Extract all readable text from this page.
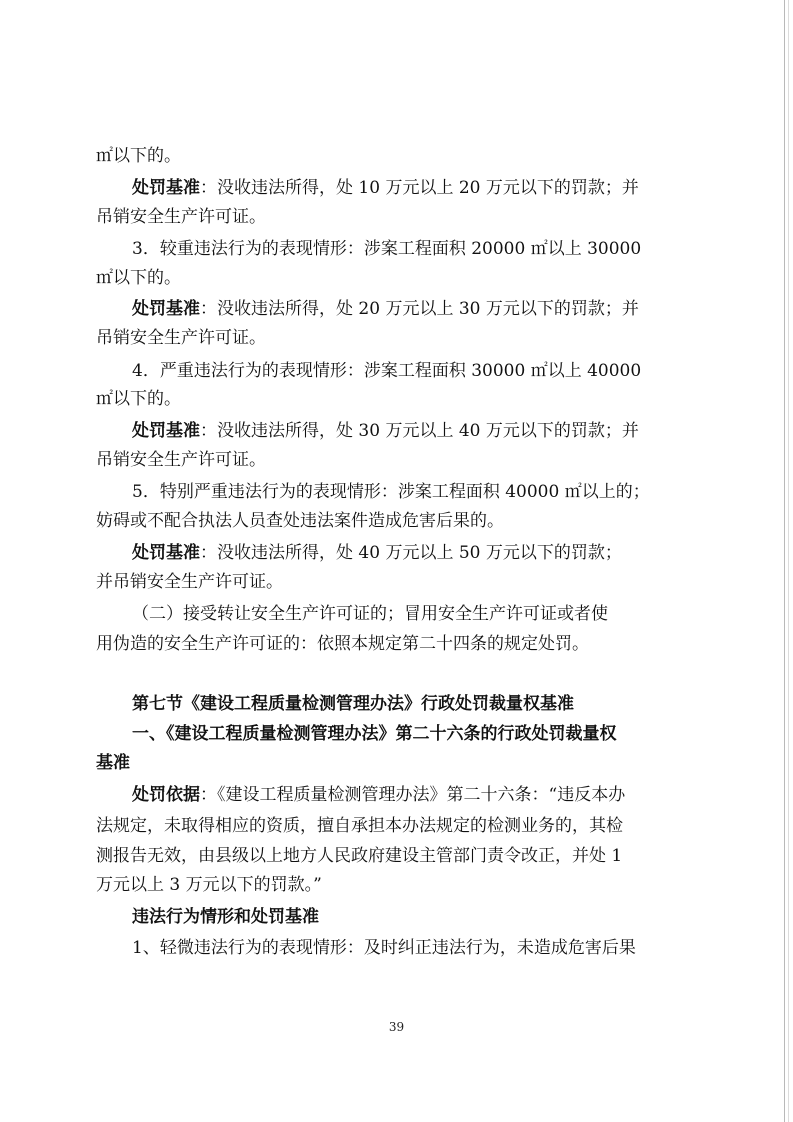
㎡以下的。
处罚基准：没收违法所得，处 10 万元以上 20 万元以下的罚款；并
吊销安全生产许可证。
3．较重违法行为的表现情形：涉案工程面积 20000 ㎡以上 30000
㎡以下的。
处罚基准：没收违法所得，处 20 万元以上 30 万元以下的罚款；并
吊销安全生产许可证。
4．严重违法行为的表现情形：涉案工程面积 30000 ㎡以上 40000
㎡以下的。
处罚基准：没收违法所得，处 30 万元以上 40 万元以下的罚款；并
吊销安全生产许可证。
5．特别严重违法行为的表现情形：涉案工程面积 40000 ㎡以上的；
妨碍或不配合执法人员查处违法案件造成危害后果的。
处罚基准：没收违法所得，处 40 万元以上 50 万元以下的罚款；
并吊销安全生产许可证。
（二）接受转让安全生产许可证的；冒用安全生产许可证或者使
用伪造的安全生产许可证的：依照本规定第二十四条的规定处罚。
第七节《建设工程质量检测管理办法》行政处罚裁量权基准
一、《建设工程质量检测管理办法》第二十六条的行政处罚裁量权
基准
处罚依据：《建设工程质量检测管理办法》第二十六条：“违反本办
法规定，未取得相应的资质，擅自承担本办法规定的检测业务的，其检
测报告无效，由县级以上地方人民政府建设主管部门责令改正，并处 1
万元以上 3 万元以下的罚款。”
违法行为情形和处罚基准
1、轻微违法行为的表现情形：及时纠正违法行为，未造成危害后果
39
